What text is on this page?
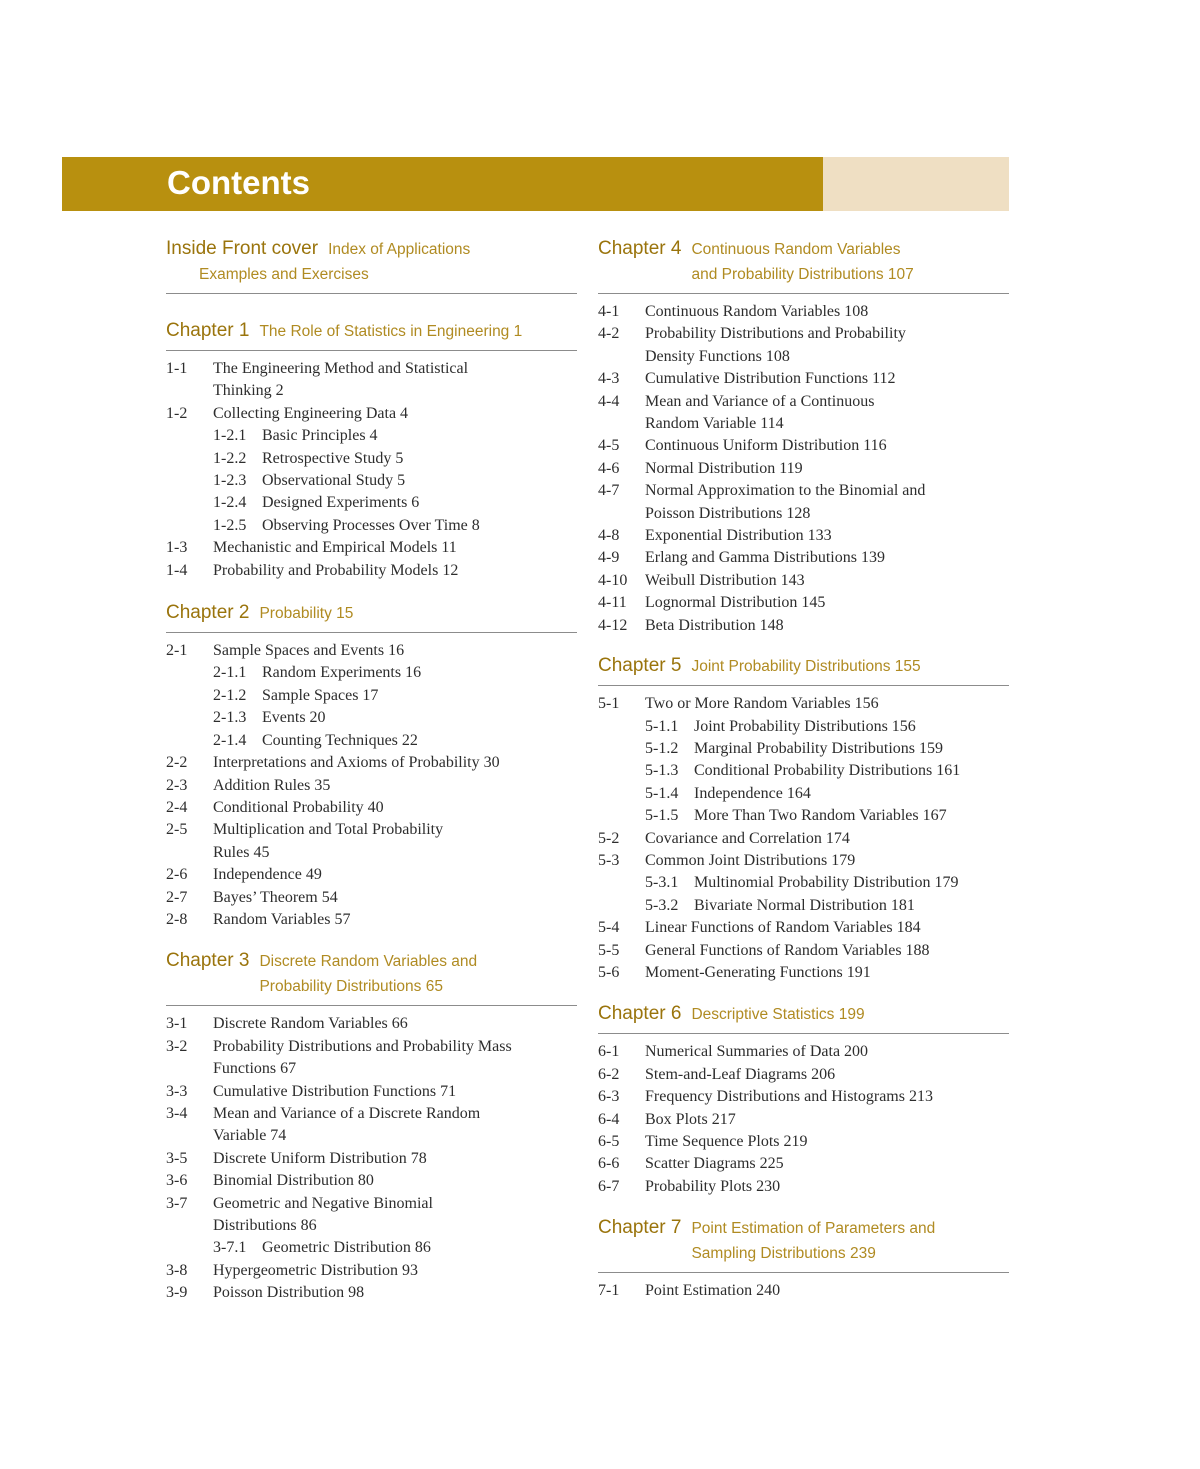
Contents
Inside Front cover Index of Applications
Examples and Exercises
Chapter 1 The Role of Statistics in Engineering 1
1-1	The Engineering Method and Statistical
Thinking 2
1-2	Collecting Engineering Data 4
1-2.1 Basic Principles 4
1-2.2 Retrospective Study 5
1-2.3 Observational Study 5
1-2.4 Designed Experiments 6
1-2.5 Observing Processes Over Time 8
1-3	Mechanistic and Empirical Models 11
1-4	Probability and Probability Models 12
Chapter 2 Probability 15
2-1	Sample Spaces and Events 16
2-1.1 Random Experiments 16
2-1.2 Sample Spaces 17
2-1.3 Events 20
2-1.4 Counting Techniques 22
2-2	Interpretations and Axioms of Probability 30
2-3	Addition Rules 35
2-4	Conditional Probability 40
2-5	Multiplication and Total Probability
Rules 45
2-6	Independence 49
2-7	Bayes’ Theorem 54
2-8	Random Variables 57
Chapter 3 Discrete Random Variables and
Probability Distributions 65
3-1	Discrete Random Variables 66
3-2	Probability Distributions and Probability Mass
Functions 67
3-3	Cumulative Distribution Functions 71
3-4	Mean and Variance of a Discrete Random
Variable 74
3-5	Discrete Uniform Distribution 78
3-6	Binomial Distribution 80
3-7	Geometric and Negative Binomial
Distributions 86
3-7.1 Geometric Distribution 86
3-8	Hypergeometric Distribution 93
3-9	Poisson Distribution 98
Chapter 4 Continuous Random Variables
and Probability Distributions 107
4-1	Continuous Random Variables 108
4-2	Probability Distributions and Probability
Density Functions 108
4-3	Cumulative Distribution Functions 112
4-4	Mean and Variance of a Continuous
Random Variable 114
4-5	Continuous Uniform Distribution 116
4-6	Normal Distribution 119
4-7	Normal Approximation to the Binomial and
Poisson Distributions 128
4-8	Exponential Distribution 133
4-9	Erlang and Gamma Distributions 139
4-10	Weibull Distribution 143
4-11	Lognormal Distribution 145
4-12	Beta Distribution 148
Chapter 5 Joint Probability Distributions 155
5-1	Two or More Random Variables 156
5-1.1 Joint Probability Distributions 156
5-1.2 Marginal Probability Distributions 159
5-1.3 Conditional Probability Distributions 161
5-1.4 Independence 164
5-1.5 More Than Two Random Variables 167
5-2	Covariance and Correlation 174
5-3	Common Joint Distributions 179
5-3.1 Multinomial Probability Distribution 179
5-3.2 Bivariate Normal Distribution 181
5-4	Linear Functions of Random Variables 184
5-5	General Functions of Random Variables 188
5-6	Moment-Generating Functions 191
Chapter 6 Descriptive Statistics 199
6-1	Numerical Summaries of Data 200
6-2	Stem-and-Leaf Diagrams 206
6-3	Frequency Distributions and Histograms 213
6-4	Box Plots 217
6-5	Time Sequence Plots 219
6-6	Scatter Diagrams 225
6-7	Probability Plots 230
Chapter 7 Point Estimation of Parameters and
Sampling Distributions 239
7-1	Point Estimation 240
